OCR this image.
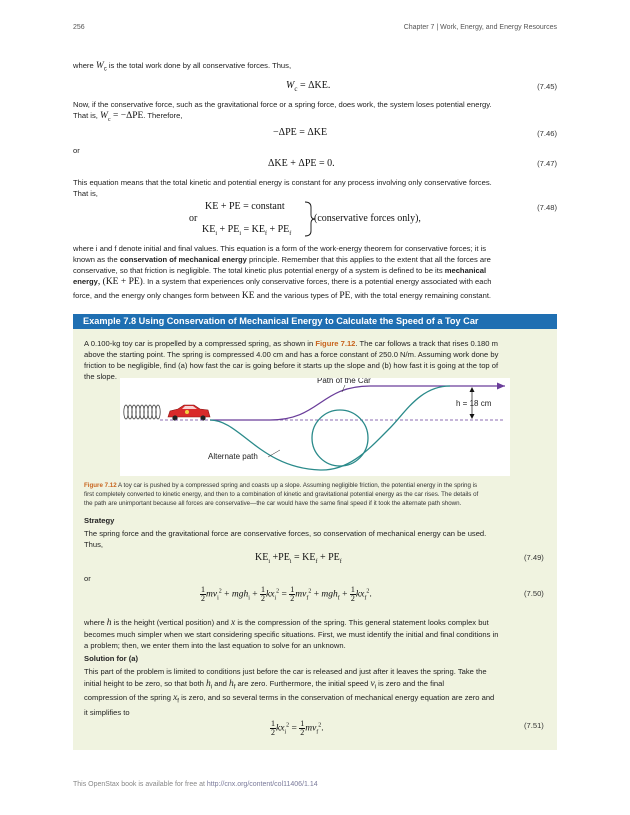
256	Chapter 7 | Work, Energy, and Energy Resources
where $W_c$ is the total work done by all conservative forces. Thus,
$W_c = \Delta KE$.	(7.45)
Now, if the conservative force, such as the gravitational force or a spring force, does work, the system loses potential energy.
That is, $W_c = -\Delta PE$. Therefore,
−ΔPE = ΔKE	(7.46)
or
ΔKE + ΔPE = 0.	(7.47)
This equation means that the total kinetic and potential energy is constant for any process involving only conservative forces.
That is,
KE + PE = constant
or
$KE_i + PE_i = KE_f + PE_f$
(conservative forces only),
(7.48)
where i and f denote initial and final values. This equation is a form of the work-energy theorem for conservative forces; it is
known as the conservation of mechanical energy principle. Remember that this applies to the extent that all the forces are
conservative, so that friction is negligible. The total kinetic plus potential energy of a system is defined to be its mechanical
energy, (KE + PE). In a system that experiences only conservative forces, there is a potential energy associated with each
force, and the energy only changes form between KE and the various types of PE, with the total energy remaining constant.
Example 7.8 Using Conservation of Mechanical Energy to Calculate the Speed of a Toy Car
A 0.100-kg toy car is propelled by a compressed spring, as shown in Figure 7.12. The car follows a track that rises 0.180 m
above the starting point. The spring is compressed 4.00 cm and has a force constant of 250.0 N/m. Assuming work done by
friction to be negligible, find (a) how fast the car is going before it starts up the slope and (b) how fast it is going at the top of
the slope.	Path of the Car
h = 18 cm
Alternate path
Figure 7.12 A toy car is pushed by a compressed spring and coasts up a slope. Assuming negligible friction, the potential energy in the spring is
first completely converted to kinetic energy, and then to a combination of kinetic and gravitational potential energy as the car rises. The details of
the path are unimportant because all forces are conservative—the car would have the same final speed if it took the alternate path shown.
Strategy
The spring force and the gravitational force are conservative forces, so conservation of mechanical energy can be used.
Thus,
$KE_i +PE_i = KE_f + PE_f$	(7.49)
or
$\frac{1}{2} mv_i^2 + mgh_i + \frac{1}{2} kx_i^2 = \frac{1}{2} mv_f^2 + mgh_f + \frac{1}{2} kx_f^2$.	(7.50)
where h is the height (vertical position) and x is the compression of the spring. This general statement looks complex but
becomes much simpler when we start considering specific situations. First, we must identify the initial and final conditions in
a problem; then, we enter them into the last equation to solve for an unknown.
Solution for (a)
This part of the problem is limited to conditions just before the car is released and just after it leaves the spring. Take the
initial height to be zero, so that both $h_i$ and $h_f$ are zero. Furthermore, the initial speed $v_i$ is zero and the final
compression of the spring $x_f$ is zero, and so several terms in the conservation of mechanical energy equation are zero and
it simplifies to
$\frac{1}{2} kx_i^2 = \frac{1}{2} mv_f^2$.	(7.51)
This OpenStax book is available for free at http://cnx.org/content/col11406/1.14
